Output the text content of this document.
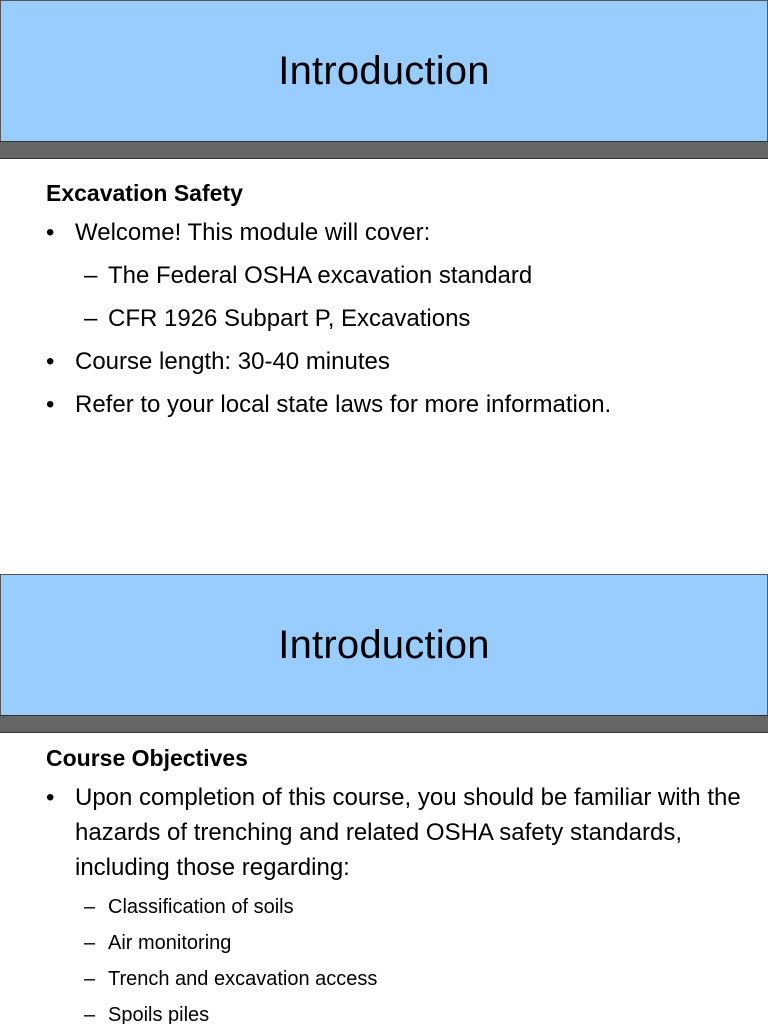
Introduction
Excavation Safety
• Welcome! This module will cover:
– The Federal OSHA excavation standard
– CFR 1926 Subpart P, Excavations
• Course length: 30-40 minutes
• Refer to your local state laws for more information.
Introduction
Course Objectives
• Upon completion of this course, you should be familiar with the hazards of trenching and related OSHA safety standards, including those regarding:
– Classification of soils
– Air monitoring
– Trench and excavation access
– Spoils piles
